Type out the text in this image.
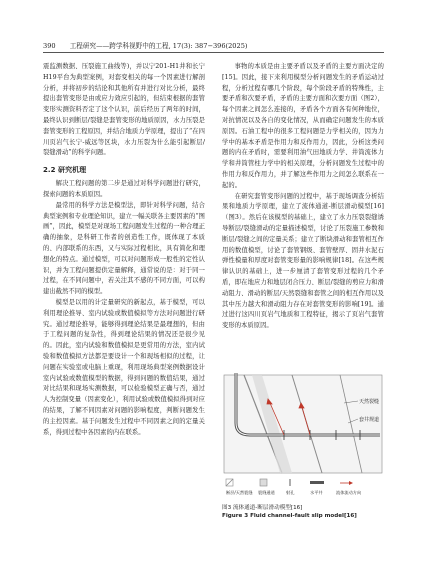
390 工程研究——跨学科视野中的工程, 17(3): 387−396(2025)

震监测数据、压裂施工曲线等)，并以宁201-H1井和长宁H19平台为典型案例，对套变相关的每一个因素进行解剖分析，并将初步的结论和其他所有并进行对比分析，最终提出套管变形是由或应力效应引起的，但结束根据的套管变形实测资料否定了这个认识，前后经历了两年的时间，最终认识到断层/裂缝是套管变形的地质原因，水力压裂是套管变形的工程原因，并结合地质力学原理，提出了“在四川页岩气长宁-威远等区块，水力压裂为什么能引起断层/裂缝滑动”的科学问题。

2.2 研究机理

解决工程问题的第二步是通过对科学问题进行研究，探索问题的本质原因。

最常用的科学方法是模型法，即针对科学问题，结合典型案例和专业理论知识，建立一幅关联各主要因素的“图画”，因此，模型是对现场工程问题发生过程的一种合理正确的抽象，是科研工作者的创造性工作，既体现了本质的、内部联系的东西，又与实际过程相比，具有简化和理想化的特点。通过模型，可以对问题形成一般性的定性认识，并为工程问题提供定量解释，通常说的是：对于同一过程，在不同问题中，若关注其不感的不同方面，可以构建出截然不同的模型。

模型是以用的计定量研究的新起点，基于模型，可以利用理论推导、室内试验或数值模拟等方法对问题进行研究。通过理论推导，能够得到理论结果是最理想的，但由于工程问题的复杂性，得到理论结果的情况还是很少见的。因此，室内试验和数值模拟是更常用的方法，室内试验和数值模拟方法都是要设计一个和现场相似的过程，让问题在实验室或电脑上重现，利用现场典型案例数据设计室内试验或数值模型的数据，得到问题的数值结果，通过对比结果和现场实测数据，可以检验模型正确与否，通过人为控制变量（因素变化），利用试验或数值模拟得到对应的结果，了解不同因素对问题的影响程度，判断问题发生的主控因素。基于问题发生过程中不同因素之间的定量关系，得到过程中各因素的内在联系。

事物的本质是由主要矛盾以及矛盾的主要方面决定的[15]。因此，接下来利用模型分析问题发生的矛盾运动过程，分析过程有哪几个阶段，每个阶段矛盾的特殊性，主要矛盾和次要矛盾，矛盾的主要方面和次要方面（图2），每个因素之间怎么连接的，矛盾各个方面各有何种地位，对抗情况以及各自的变化情况，从而确定问题发生的本质原因。石油工程中的很多工程问题是力学相关的，因为力学中的基本矛盾是作用力和反作用力，因此，分析这类问题的内在矛盾时，需要利用油气田地质力学、井筒流体力学和井筒管柱力学中的相关原理，分析问题发生过程中的作用力和反作用力，并了解这些作用力之间怎么联系在一起的。

在研究套管变形问题的过程中，基于现场调查分析结果和地质力学原理，建立了流体通道-断层滑动模型[16]（图3）。然后在该模型的基础上，建立了水力压裂裂缝诱导断层/裂缝滑动的定量描述模型，讨论了压裂施工参数和断层/裂缝之间的定量关系；建立了断块滑动和套管相互作用的数值模型，讨论了套管钢级、套管壁厚、固井水泥石弹性模量和厚度对套管变形量的影响规律[18]。在这些规律认识的基础上，进一步厘清了套管变形过程的几个矛盾，即在地应力和地层闭合压力、断层/裂缝的剪应力和滑动阻力、滑动的断层/天然裂缝和套管之间的相互作用以及其中压力越大和滑动阻力存在对套管变形的影响[19]。通过进行这四川页岩气地质和工程特征，揭示了页岩气套管变形的本质原因。

天然裂缝
套井规道
断层/天然裂缝 裂缝通道	射孔	水平井	流体流动方向
图3 流体通道-断层滑动模型[16]
Figure 3 Fluid channel-fault slip model[16]
